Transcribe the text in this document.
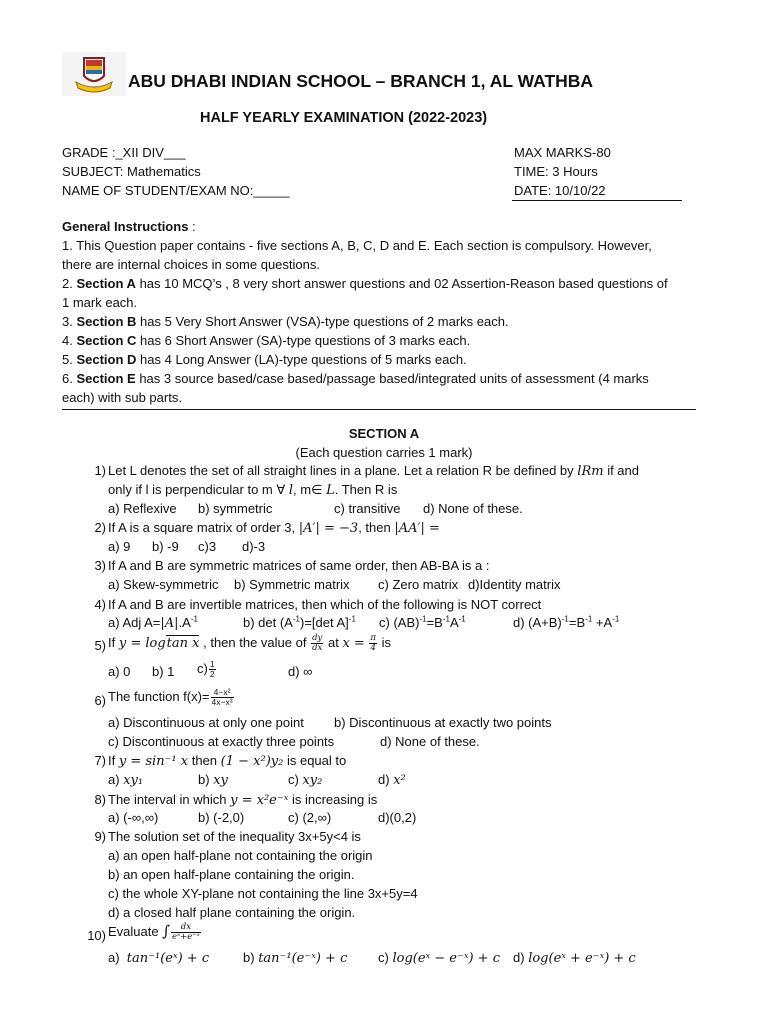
ABU DHABI INDIAN SCHOOL – BRANCH 1, AL WATHBA
HALF YEARLY EXAMINATION (2022-2023)
GRADE :_XII DIV___
SUBJECT: Mathematics
NAME OF STUDENT/EXAM NO:_____
MAX MARKS-80
TIME: 3 Hours
DATE: 10/10/22
General Instructions :
1. This Question paper contains - five sections A, B, C, D and E. Each section is compulsory. However,
there are internal choices in some questions.
2. Section A has 10 MCQ’s , 8 very short answer questions and 02 Assertion-Reason based questions of
1 mark each.
3. Section B has 5 Very Short Answer (VSA)-type questions of 2 marks each.
4. Section C has 6 Short Answer (SA)-type questions of 3 marks each.
5. Section D has 4 Long Answer (LA)-type questions of 5 marks each.
6. Section E has 3 source based/case based/passage based/integrated units of assessment (4 marks
each) with sub parts.
SECTION A
(Each question carries 1 mark)
1) Let L denotes the set of all straight lines in a plane. Let a relation R be defined by lRm if and
only if l is perpendicular to m ∀ l, m∈ L. Then R is
a) Reflexive b) symmetric	c) transitive d) None of these.
2) If A is a square matrix of order 3, |A′| = −3, then |AA′| =
a) 9 b) -9 c)3 d)-3
3) If A and B are symmetric matrices of same order, then AB-BA is a :
a) Skew-symmetric b) Symmetric matrix c) Zero matrix d)Identity matrix
4) If A and B are invertible matrices, then which of the following is NOT correct
a) Adj $A=|A|.A^{-1}$	b) $\det (A^{-1})=[\det$ A]$^{-1}$ c) $(AB)^{-1}=B^{-1}A^{-1}$	d) $(A+B)^{-1}=B^{-1} +A^{-1}$
5) If y = logtan x , then the value of $\frac{dy}{dx}$ at $x = \frac{\pi}{4}$ is
a) 0 b) 1 $c) \frac{1}{2}$	d) ∞
6) The function $f(x)= \frac{\text{4−x²}}{\text{4x−x³}}$
a) Discontinuous at only one point b) Discontinuous at exactly two points
c) Discontinuous at exactly three points	d) None of these.
7) If y = sin⁻¹ x then (1 − x²)y₂ is equal to
a) xy₁	b) xy	c) xy₂	d) x²
8) The interval in which y = x²e⁻ˣ is increasing is
a) (-∞,∞)	b) (-2,0)	c) (2,∞)	d)(0,2)
9) The solution set of the inequality 3x+5y<4 is
a) an open half-plane not containing the origin
b) an open half-plane containing the origin.
c) the whole XY-plane not containing the line 3x+5y=4
d) a closed half plane containing the origin.
10) Evaluate ∫ $\frac{dx}{\text{eˣ+e⁻ˣ}}$
a) tan⁻¹(eˣ) + c	b) tan⁻¹(e⁻ˣ) + c c) log(eˣ − e⁻ˣ) + c d) log(eˣ + e⁻ˣ) + c
